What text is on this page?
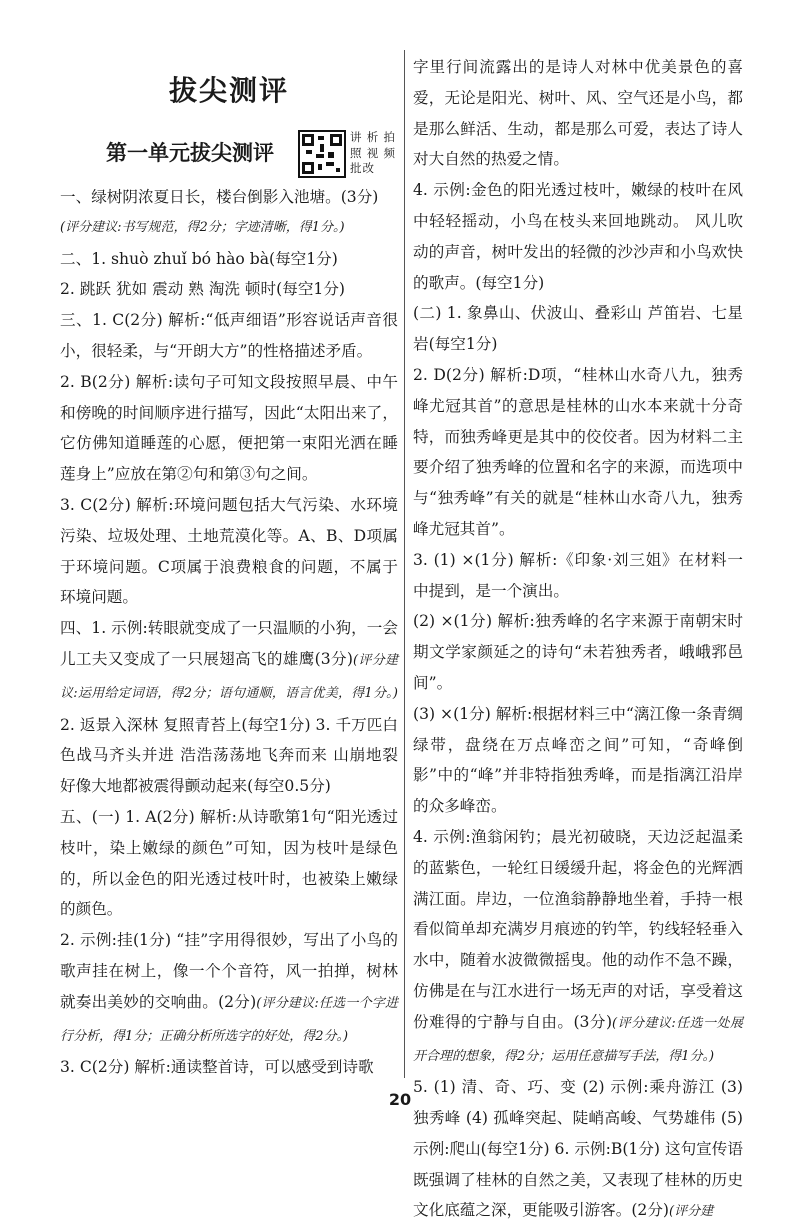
拔尖测评
第一单元拔尖测评
讲析拍照视频批改

一、绿树阴浓夏日长，楼台倒影入池塘。(3分)

(评分建议:书写规范，得2分；字迹清晰，得1分。)

二、1. shuò zhuǐ bó hào bà(每空1分)

2. 跳跃 犹如 震动 熟 淘洗 顿时(每空1分)

三、1. C(2分) 解析:“低声细语”形容说话声音很小，很轻柔，与“开朗大方”的性格描述矛盾。

2. B(2分) 解析:读句子可知文段按照早晨、中午和傍晚的时间顺序进行描写，因此“太阳出来了，它仿佛知道睡莲的心愿，便把第一束阳光洒在睡莲身上”应放在第②句和第③句之间。

3. C(2分) 解析:环境问题包括大气污染、水环境污染、垃圾处理、土地荒漠化等。A、B、D项属于环境问题。C项属于浪费粮食的问题，不属于环境问题。

四、1. 示例:转眼就变成了一只温顺的小狗，一会儿工夫又变成了一只展翅高飞的雄鹰(3分)(评分建议:运用给定词语，得2分；语句通顺，语言优美，得1分。) 2. 返景入深林 复照青苔上(每空1分) 3. 千万匹白色战马齐头并进 浩浩荡荡地飞奔而来 山崩地裂 好像大地都被震得颤动起来(每空0.5分)

五、(一) 1. A(2分) 解析:从诗歌第1句“阳光透过枝叶，染上嫩绿的颜色”可知，因为枝叶是绿色的，所以金色的阳光透过枝叶时，也被染上嫩绿的颜色。

2. 示例:挂(1分) “挂”字用得很妙，写出了小鸟的歌声挂在树上，像一个个音符，风一拍掸，树林就奏出美妙的交响曲。(2分)(评分建议:任选一个字进行分析，得1分；正确分析所选字的好处，得2分。)

3. C(2分) 解析:通读整首诗，可以感受到诗歌

字里行间流露出的是诗人对林中优美景色的喜爱，无论是阳光、树叶、风、空气还是小鸟，都是那么鲜活、生动，都是那么可爱，表达了诗人对大自然的热爱之情。

4. 示例:金色的阳光透过枝叶，嫩绿的枝叶在风中轻轻摇动，小鸟在枝头来回地跳动。 风儿吹动的声音，树叶发出的轻微的沙沙声和小鸟欢快的歌声。(每空1分)

(二) 1. 象鼻山、伏波山、叠彩山 芦笛岩、七星岩(每空1分)

2. D(2分) 解析:D项，“桂林山水奇八九，独秀峰尤冠其首”的意思是桂林的山水本来就十分奇特，而独秀峰更是其中的佼佼者。因为材料二主要介绍了独秀峰的位置和名字的来源，而选项中与“独秀峰”有关的就是“桂林山水奇八九，独秀峰尤冠其首”。

3. (1) ×(1分) 解析:《印象·刘三姐》在材料一中提到，是一个演出。

(2) ×(1分) 解析:独秀峰的名字来源于南朝宋时期文学家颜延之的诗句“未若独秀者，峨峨郛邑间”。

(3) ×(1分) 解析:根据材料三中“漓江像一条青绸绿带，盘绕在万点峰峦之间”可知，“奇峰倒影”中的“峰”并非特指独秀峰，而是指漓江沿岸的众多峰峦。

4. 示例:渔翁闲钓；晨光初破晓，天边泛起温柔的蓝紫色，一轮红日缓缓升起，将金色的光辉洒满江面。岸边，一位渔翁静静地坐着，手持一根看似简单却充满岁月痕迹的钓竿，钓线轻轻垂入水中，随着水波微微摇曳。他的动作不急不躁，仿佛是在与江水进行一场无声的对话，享受着这份难得的宁静与自由。(3分)(评分建议:任选一处展开合理的想象，得2分；运用任意描写手法，得1分。)

5. (1) 清、奇、巧、变 (2) 示例:乘舟游江 (3) 独秀峰 (4) 孤峰突起、陡峭高峻、气势雄伟 (5) 示例:爬山(每空1分) 6. 示例:B(1分) 这句宣传语既强调了桂林的自然之美，又表现了桂林的历史文化底蕴之深，更能吸引游客。(2分)(评分建

20
